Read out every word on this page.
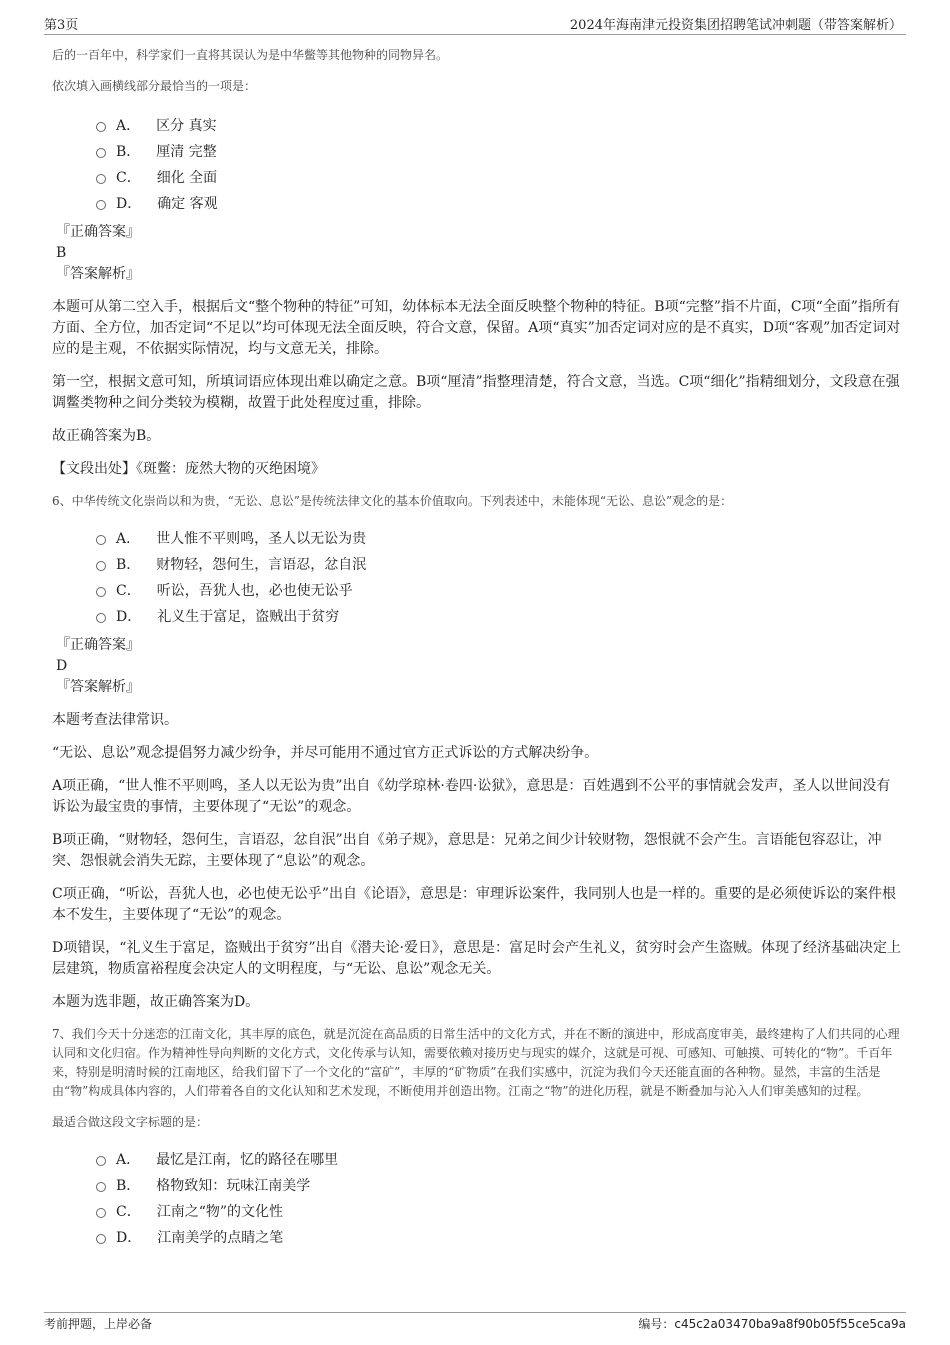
第3页	2024年海南津元投资集团招聘笔试冲刺题（带答案解析）

后的一百年中，科学家们一直将其误认为是中华鳖等其他物种的同物异名。

依次填入画横线部分最恰当的一项是：

A． 区分 真实
B． 厘清 完整
C． 细化 全面
D． 确定 客观

『正确答案』

B

『答案解析』

本题可从第二空入手，根据后文“整个物种的特征”可知，幼体标本无法全面反映整个物种的特征。B项“完整”指不片面，C项“全面”指所有方面、全方位，加否定词“不足以”均可体现无法全面反映，符合文意，保留。A项“真实”加否定词对应的是不真实，D项“客观”加否定词对应的是主观，不依据实际情况，均与文意无关，排除。

第一空，根据文意可知，所填词语应体现出难以确定之意。B项“厘清”指整理清楚，符合文意，当选。C项“细化”指精细划分，文段意在强调鳖类物种之间分类较为模糊，故置于此处程度过重，排除。

故正确答案为B。

【文段出处】《斑鳖：庞然大物的灭绝困境》

6、中华传统文化崇尚以和为贵，“无讼、息讼”是传统法律文化的基本价值取向。下列表述中，未能体现“无讼、息讼”观念的是：

A． 世人惟不平则鸣，圣人以无讼为贵
B． 财物轻，怨何生，言语忍，忿自泯
C． 听讼，吾犹人也，必也使无讼乎
D． 礼义生于富足，盗贼出于贫穷

『正确答案』

D

『答案解析』

本题考查法律常识。

“无讼、息讼”观念提倡努力减少纷争，并尽可能用不通过官方正式诉讼的方式解决纷争。

A项正确，“世人惟不平则鸣，圣人以无讼为贵”出自《幼学琼林·卷四·讼狱》，意思是：百姓遇到不公平的事情就会发声，圣人以世间没有诉讼为最宝贵的事情，主要体现了“无讼”的观念。

B项正确，“财物轻，怨何生，言语忍，忿自泯”出自《弟子规》，意思是：兄弟之间少计较财物，怨恨就不会产生。言语能包容忍让，冲突、怨恨就会消失无踪，主要体现了“息讼”的观念。

C项正确，“听讼，吾犹人也，必也使无讼乎”出自《论语》，意思是：审理诉讼案件，我同别人也是一样的。重要的是必须使诉讼的案件根本不发生，主要体现了“无讼”的观念。

D项错误，“礼义生于富足，盗贼出于贫穷”出自《潜夫论·爱日》，意思是：富足时会产生礼义，贫穷时会产生盗贼。体现了经济基础决定上层建筑，物质富裕程度会决定人的文明程度，与“无讼、息讼”观念无关。

本题为选非题，故正确答案为D。

7、我们今天十分迷恋的江南文化，其丰厚的底色，就是沉淀在高品质的日常生活中的文化方式，并在不断的演进中，形成高度审美，最终建构了人们共同的心理认同和文化归宿。作为精神性导向判断的文化方式，文化传承与认知，需要依赖对接历史与现实的媒介，这就是可视、可感知、可触摸、可转化的“物”。千百年来，特别是明清时候的江南地区，给我们留下了一个文化的“富矿”，丰厚的“矿物质”在我们实感中，沉淀为我们今天还能直面的各种物。显然，丰富的生活是由“物”构成具体内容的，人们带着各自的文化认知和艺术发现，不断使用并创造出物。江南之“物”的进化历程，就是不断叠加与沁入人们审美感知的过程。

最适合做这段文字标题的是：

A． 最忆是江南，忆的路径在哪里
B． 格物致知：玩味江南美学
C． 江南之“物”的文化性
D． 江南美学的点睛之笔
考前押题，上岸必备	编号：c45c2a03470ba9a8f90b05f55ce5ca9a
